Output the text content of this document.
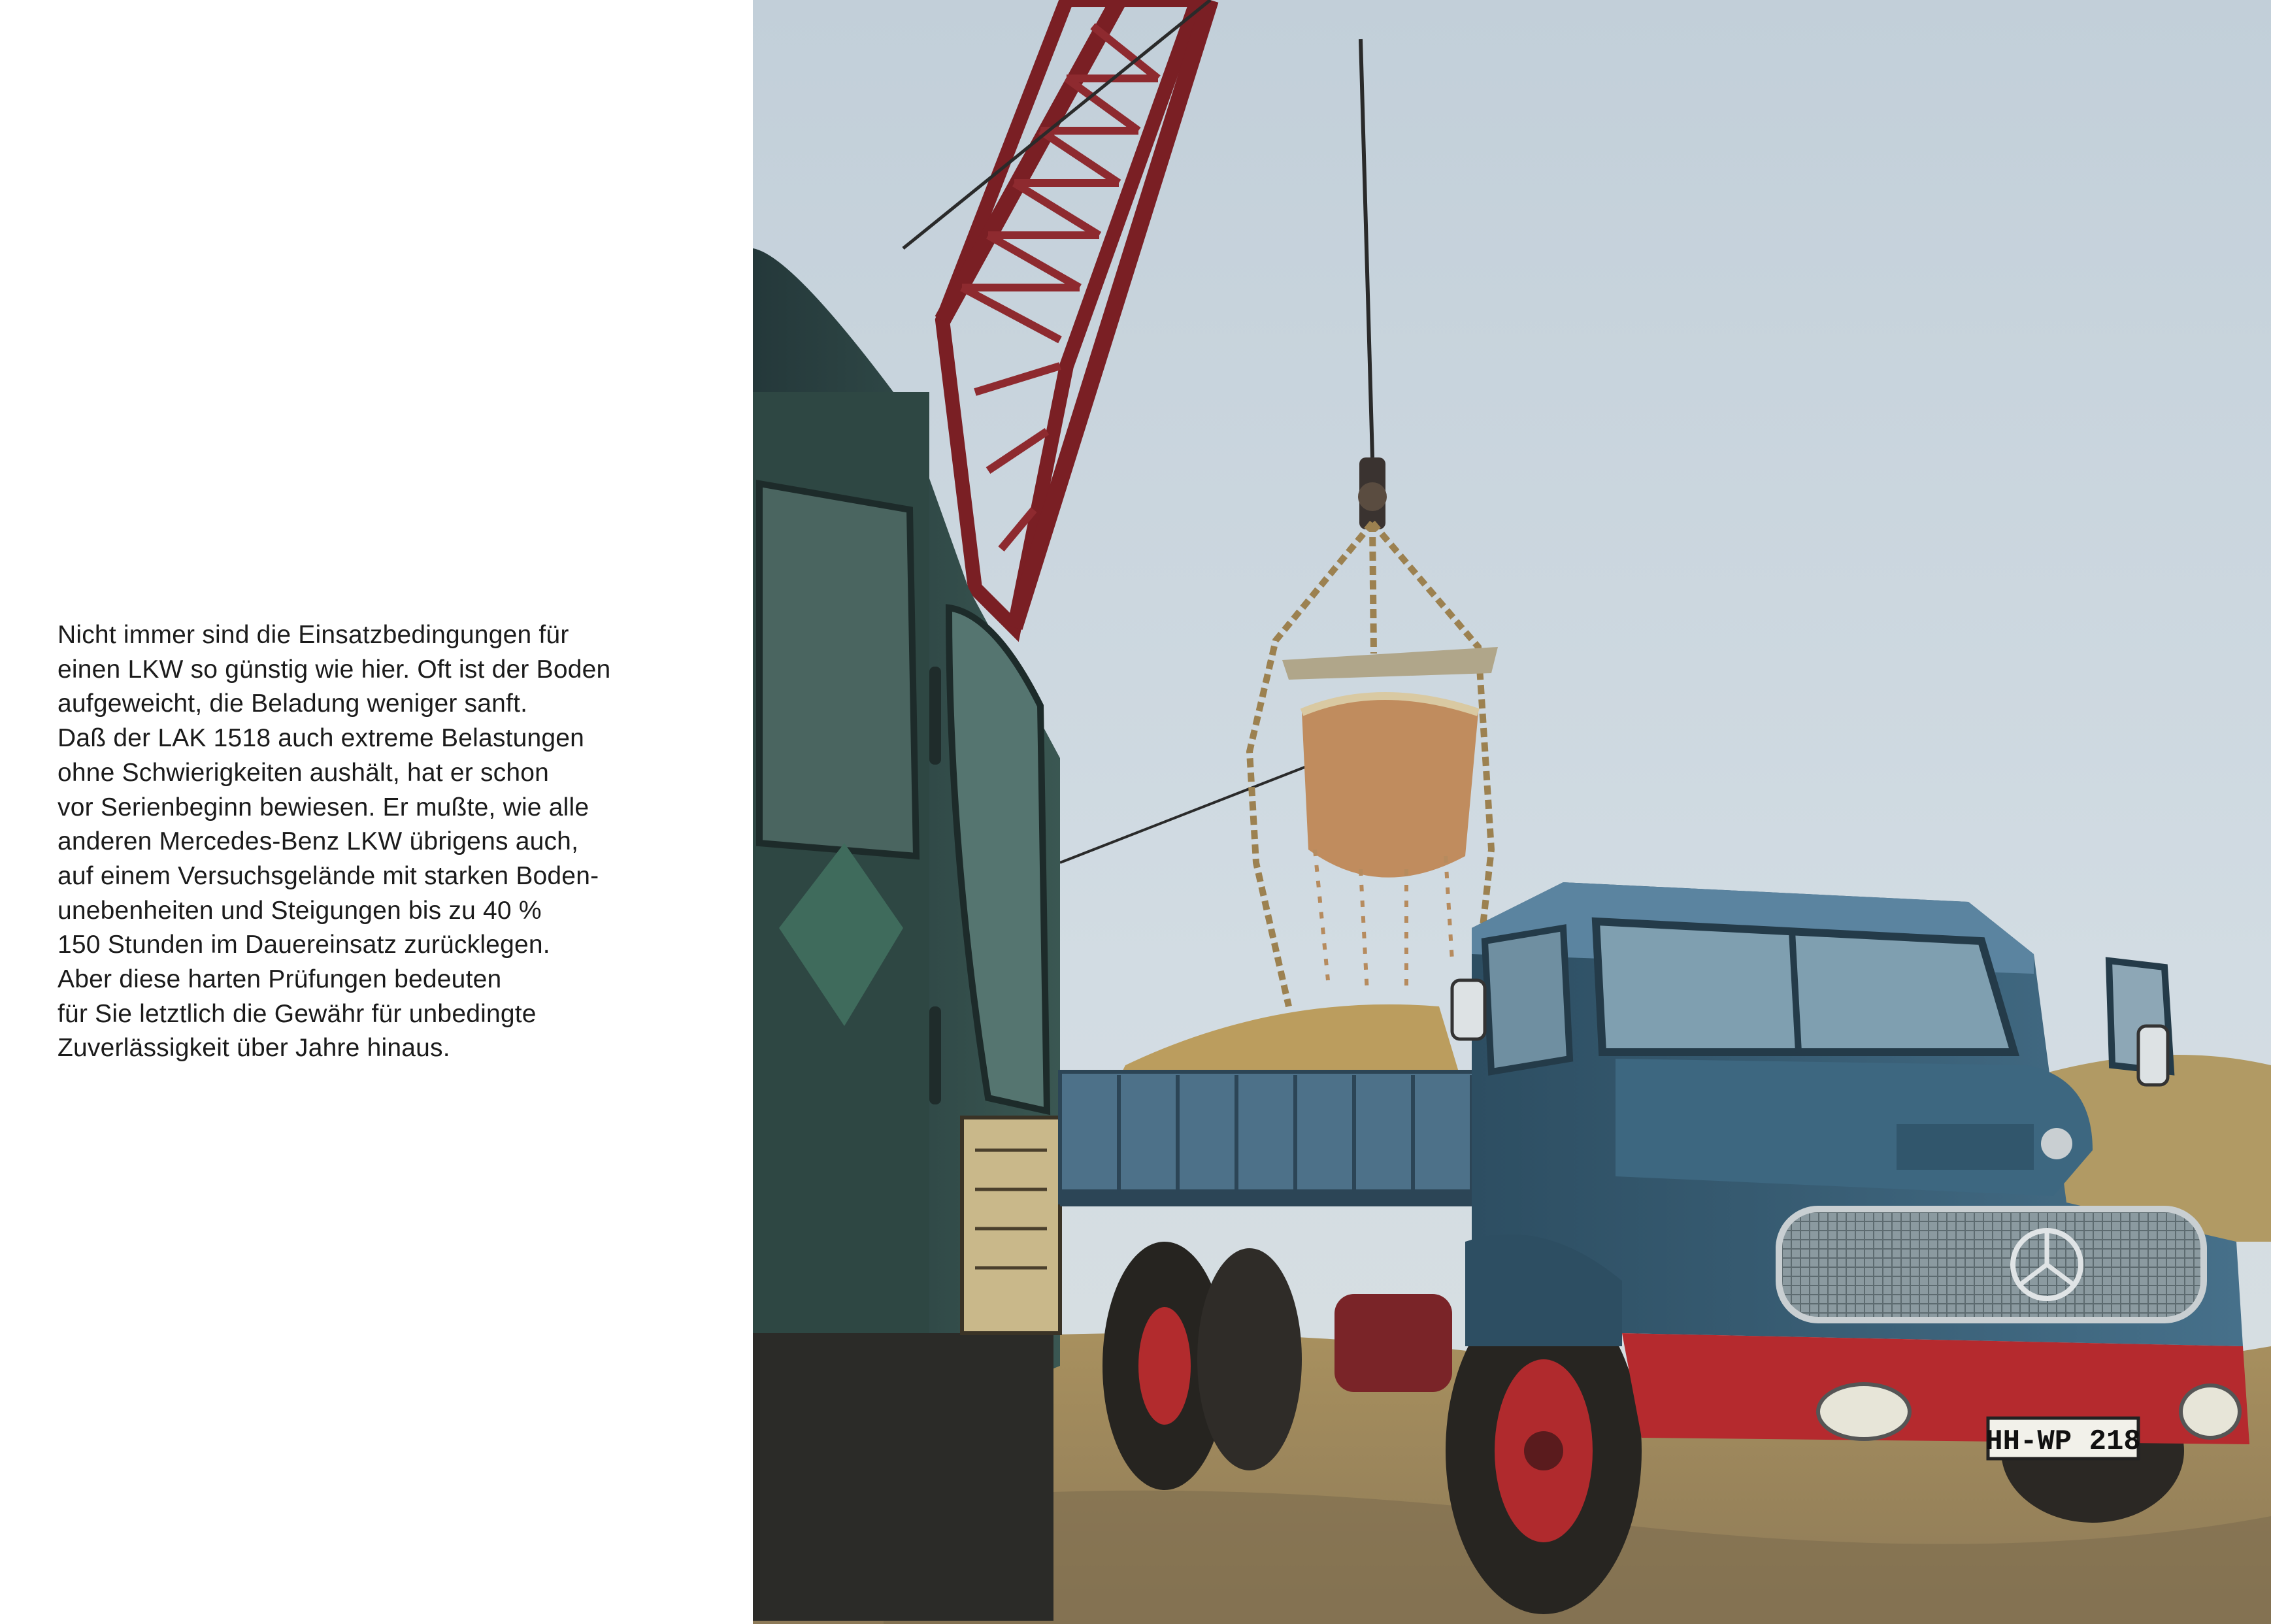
Nicht immer sind die Einsatzbedingungen für
einen LKW so günstig wie hier. Oft ist der Boden
aufgeweicht, die Beladung weniger sanft.
Daß der LAK 1518 auch extreme Belastungen
ohne Schwierigkeiten aushält, hat er schon
vor Serienbeginn bewiesen. Er mußte, wie alle
anderen Mercedes-Benz LKW übrigens auch,
auf einem Versuchsgelände mit starken Boden-
unebenheiten und Steigungen bis zu 40 %
150 Stunden im Dauereinsatz zurücklegen.
Aber diese harten Prüfungen bedeuten
für Sie letztlich die Gewähr für unbedingte
Zuverlässigkeit über Jahre hinaus.

HH-WP 218
